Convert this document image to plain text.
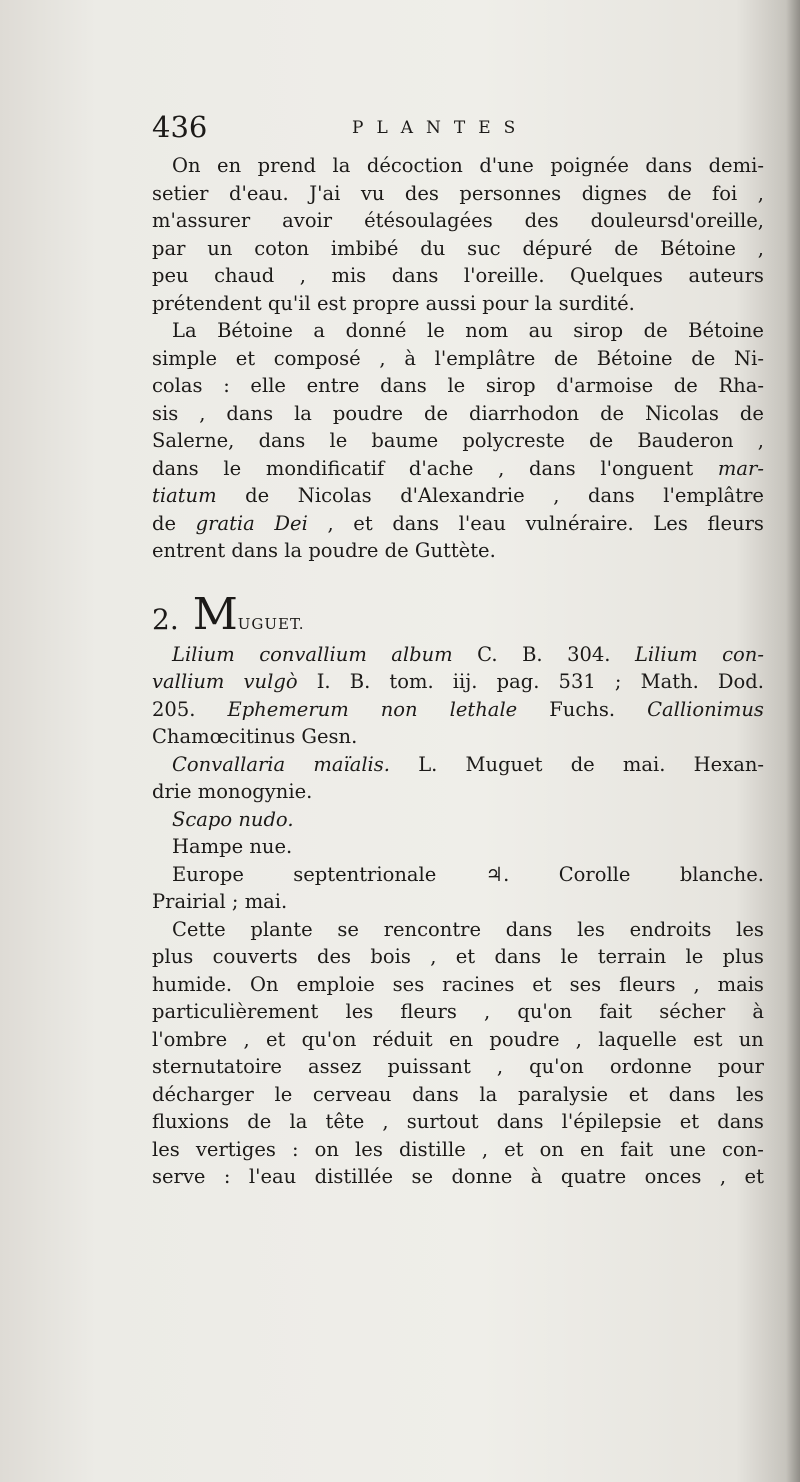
436	PLANTES
On en prend la décoction d'une poignée dans demi-
setier d'eau. J'ai vu des personnes dignes de foi ,
m'assurer avoir étésoulagées des douleursd'oreille,
par un coton imbibé du suc dépuré de Bétoine ,
peu chaud , mis dans l'oreille. Quelques auteurs
prétendent qu'il est propre aussi pour la surdité.
La Bétoine a donné le nom au sirop de Bétoine
simple et composé , à l'emplâtre de Bétoine de Ni-
colas : elle entre dans le sirop d'armoise de Rha-
sis , dans la poudre de diarrhodon de Nicolas de
Salerne, dans le baume polycreste de Bauderon ,
dans le mondificatif d'ache , dans l'onguent mar-
tiatum de Nicolas d'Alexandrie , dans l'emplâtre
de gratia Dei , et dans l'eau vulnéraire. Les fleurs
entrent dans la poudre de Guttète.
2. M UGUET.
Lilium convallium album C. B. 304. Lilium con-
vallium vulgò I. B. tom. iij. pag. 531 ; Math. Dod.
205. Ephemerum non lethale Fuchs. Callionimus
Chamœcitinus Gesn.
Convallaria maïalis. L. Muguet de mai. Hexan-
drie monogynie.
Scapo nudo.
Hampe nue.
Europe	septentrionale	♃.	Corolle	blanche.
Prairial ; mai.
Cette plante se rencontre dans les endroits les
plus couverts des bois , et dans le terrain le plus
humide. On emploie ses racines et ses fleurs , mais
particulièrement les fleurs , qu'on fait sécher à
l'ombre , et qu'on réduit en poudre , laquelle est un
sternutatoire assez puissant , qu'on ordonne pour
décharger le cerveau dans la paralysie et dans les
fluxions de la tête , surtout dans l'épilepsie et dans
les vertiges : on les distille , et on en fait une con-
serve : l'eau distillée se donne à quatre onces , et
